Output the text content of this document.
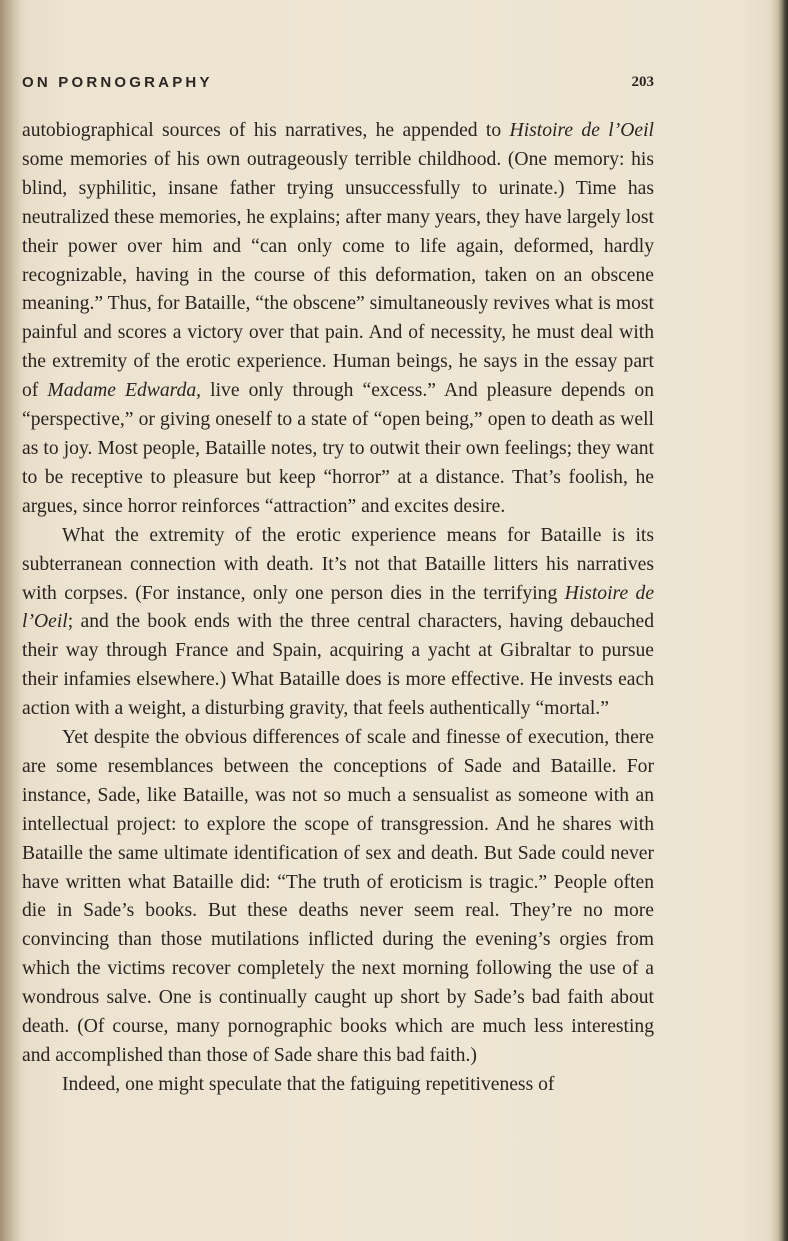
ON PORNOGRAPHY	203

autobiographical sources of his narratives, he appended to Histoire de l’Oeil some memories of his own outrageously terrible childhood. (One memory: his blind, syphilitic, insane father trying unsuccessfully to urinate.) Time has neutralized these memories, he explains; after many years, they have largely lost their power over him and “can only come to life again, deformed, hardly recognizable, having in the course of this deformation, taken on an obscene meaning.” Thus, for Bataille, “the obscene” simultaneously revives what is most painful and scores a victory over that pain. And of necessity, he must deal with the extremity of the erotic experience. Human beings, he says in the essay part of Madame Edwarda, live only through “excess.” And pleasure depends on “perspective,” or giving oneself to a state of “open being,” open to death as well as to joy. Most people, Bataille notes, try to outwit their own feelings; they want to be receptive to pleasure but keep “horror” at a distance. That’s foolish, he argues, since horror reinforces “attraction” and excites desire.

What the extremity of the erotic experience means for Bataille is its subterranean connection with death. It’s not that Bataille litters his narratives with corpses. (For instance, only one person dies in the terrifying Histoire de l’Oeil; and the book ends with the three central characters, having debauched their way through France and Spain, acquiring a yacht at Gibraltar to pursue their infamies elsewhere.) What Bataille does is more effective. He invests each action with a weight, a disturbing gravity, that feels authentically “mortal.”

Yet despite the obvious differences of scale and finesse of execution, there are some resemblances between the conceptions of Sade and Bataille. For instance, Sade, like Bataille, was not so much a sensualist as someone with an intellectual project: to explore the scope of transgression. And he shares with Bataille the same ultimate identification of sex and death. But Sade could never have written what Bataille did: “The truth of eroticism is tragic.” People often die in Sade’s books. But these deaths never seem real. They’re no more convincing than those mutilations inflicted during the evening’s orgies from which the victims recover completely the next morning following the use of a wondrous salve. One is continually caught up short by Sade’s bad faith about death. (Of course, many pornographic books which are much less interesting and accomplished than those of Sade share this bad faith.)

Indeed, one might speculate that the fatiguing repetitiveness of
